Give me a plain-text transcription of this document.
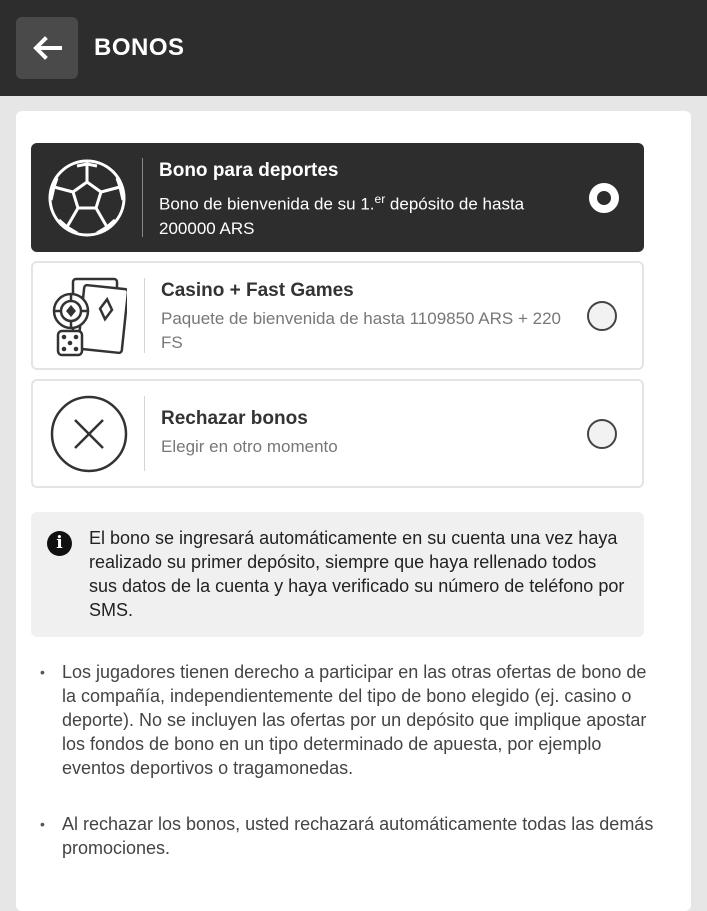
BONOS
Bono para deportes
Bono de bienvenida de su 1.$^{er}$ depósito de hasta 200000 ARS
Casino + Fast Games
Paquete de bienvenida de hasta 1109850 ARS + 220 FS
Rechazar bonos
Elegir en otro momento
i	El bono se ingresará automáticamente en su cuenta una vez haya realizado su primer depósito, siempre que haya rellenado todos sus datos de la cuenta y haya verificado su número de teléfono por SMS.
• Los jugadores tienen derecho a participar en las otras ofertas de bono de la compañía, independientemente del tipo de bono elegido (ej. casino o deporte). No se incluyen las ofertas por un depósito que implique apostar los fondos de bono en un tipo determinado de apuesta, por ejemplo eventos deportivos o tragamonedas.
• Al rechazar los bonos, usted rechazará automáticamente todas las demás promociones.
